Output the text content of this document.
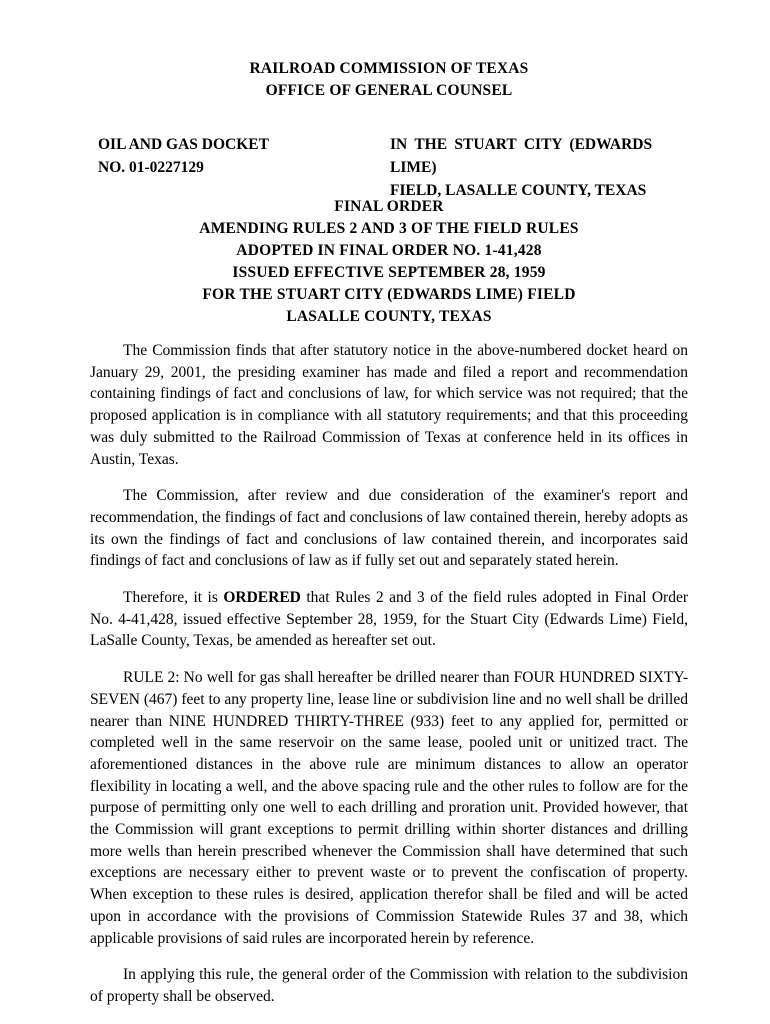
RAILROAD COMMISSION OF TEXAS
OFFICE OF GENERAL COUNSEL
OIL AND GAS DOCKET
NO. 01-0227129
IN THE STUART CITY (EDWARDS LIME)
FIELD, LASALLE COUNTY, TEXAS
FINAL ORDER
AMENDING RULES 2 AND 3 OF THE FIELD RULES
ADOPTED IN FINAL ORDER NO. 1-41,428
ISSUED EFFECTIVE SEPTEMBER 28, 1959
FOR THE STUART CITY (EDWARDS LIME) FIELD
LASALLE COUNTY, TEXAS

The Commission finds that after statutory notice in the above-numbered docket heard on January 29, 2001, the presiding examiner has made and filed a report and recommendation containing findings of fact and conclusions of law, for which service was not required; that the proposed application is in compliance with all statutory requirements; and that this proceeding was duly submitted to the Railroad Commission of Texas at conference held in its offices in Austin, Texas.

The Commission, after review and due consideration of the examiner's report and recommendation, the findings of fact and conclusions of law contained therein, hereby adopts as its own the findings of fact and conclusions of law contained therein, and incorporates said findings of fact and conclusions of law as if fully set out and separately stated herein.

Therefore, it is ORDERED that Rules 2 and 3 of the field rules adopted in Final Order No. 4-41,428, issued effective September 28, 1959, for the Stuart City (Edwards Lime) Field, LaSalle County, Texas, be amended as hereafter set out.

RULE 2: No well for gas shall hereafter be drilled nearer than FOUR HUNDRED SIXTY-SEVEN (467) feet to any property line, lease line or subdivision line and no well shall be drilled nearer than NINE HUNDRED THIRTY-THREE (933) feet to any applied for, permitted or completed well in the same reservoir on the same lease, pooled unit or unitized tract. The aforementioned distances in the above rule are minimum distances to allow an operator flexibility in locating a well, and the above spacing rule and the other rules to follow are for the purpose of permitting only one well to each drilling and proration unit. Provided however, that the Commission will grant exceptions to permit drilling within shorter distances and drilling more wells than herein prescribed whenever the Commission shall have determined that such exceptions are necessary either to prevent waste or to prevent the confiscation of property. When exception to these rules is desired, application therefor shall be filed and will be acted upon in accordance with the provisions of Commission Statewide Rules 37 and 38, which applicable provisions of said rules are incorporated herein by reference.

In applying this rule, the general order of the Commission with relation to the subdivision of property shall be observed.
